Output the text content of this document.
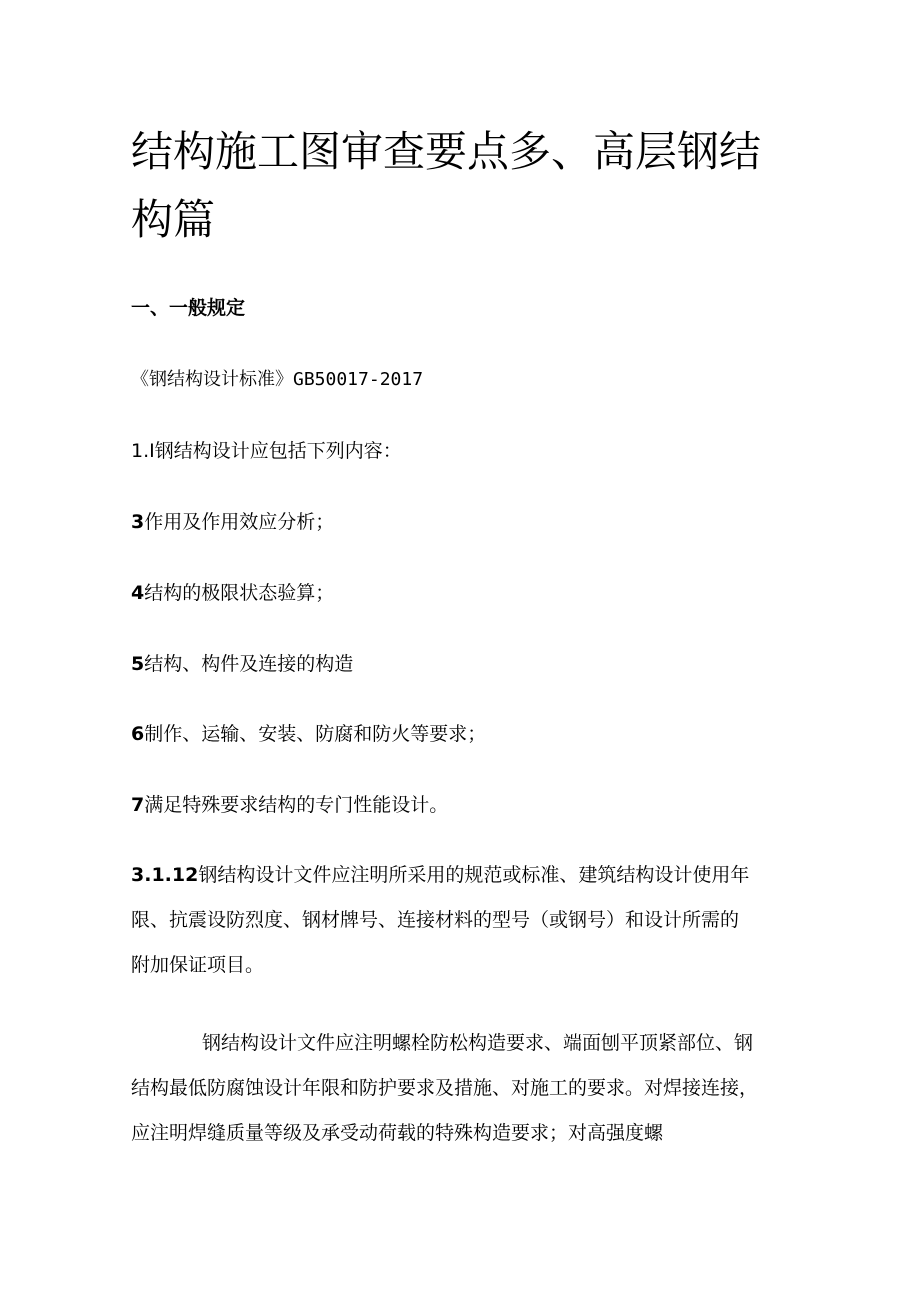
结构施工图审查要点多、高层钢结构篇

一、一般规定

《钢结构设计标准》GB50017-2017

1.I钢结构设计应包括下列内容：

3作用及作用效应分析；

4结构的极限状态验算；

5结构、构件及连接的构造

6制作、运输、安装、防腐和防火等要求；

7满足特殊要求结构的专门性能设计。

3.1.12钢结构设计文件应注明所采用的规范或标准、建筑结构设计使用年
限、抗震设防烈度、钢材牌号、连接材料的型号（或钢号）和设计所需的
附加保证项目。
钢结构设计文件应注明螺栓防松构造要求、端面刨平顶紧部位、钢
结构最低防腐蚀设计年限和防护要求及措施、对施工的要求。对焊接连接，
应注明焊缝质量等级及承受动荷载的特殊构造要求；对高强度螺
